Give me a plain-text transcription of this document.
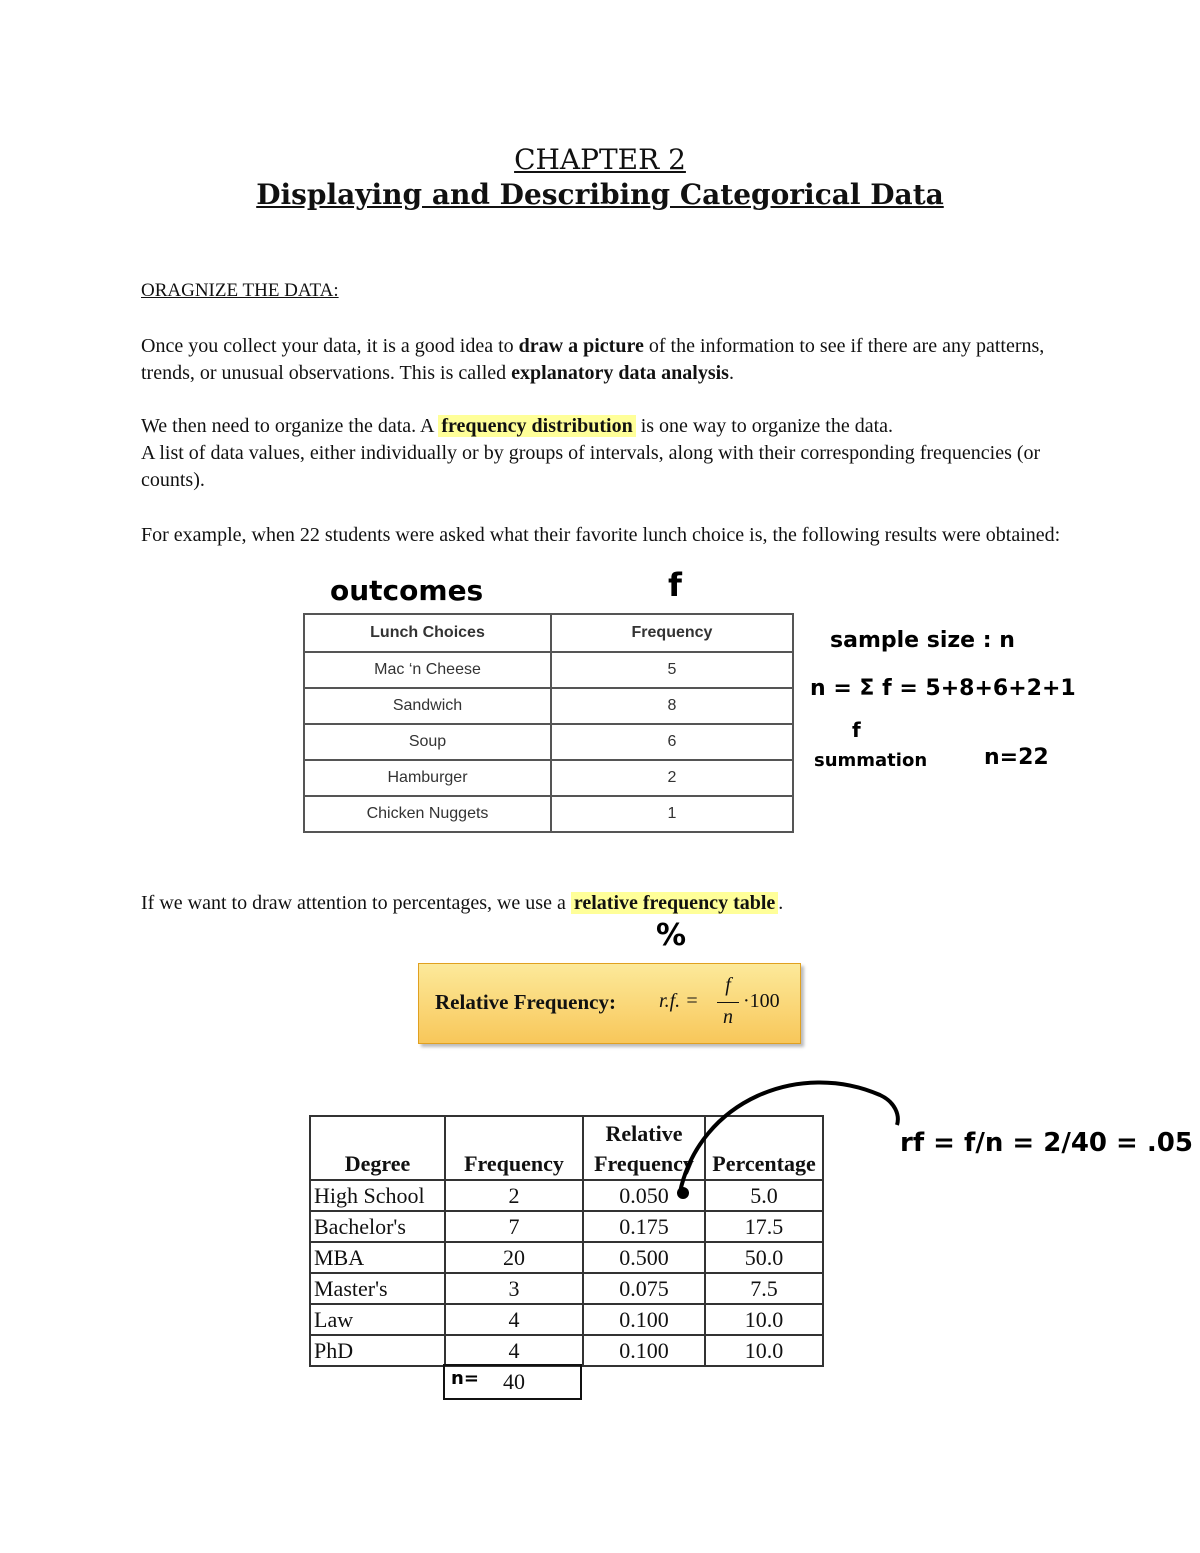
CHAPTER 2
Displaying and Describing Categorical Data
ORAGNIZE THE DATA:
Once you collect your data, it is a good idea to draw a picture of the information to see if there are any patterns, trends, or unusual observations. This is called explanatory data analysis.
We then need to organize the data. A frequency distribution is one way to organize the data.
A list of data values, either individually or by groups of intervals, along with their corresponding frequencies (or counts).
For example, when 22 students were asked what their favorite lunch choice is, the following results were obtained:
Lunch Choices	Frequency
Mac ‘n Cheese	5
Sandwich	8
Soup	6
Hamburger	2
Chicken Nuggets	1
If we want to draw attention to percentages, we use a relative frequency table .
Relative Frequency: r.f. =
f
n
·100
Degree	Frequency	Relative Frequency	Percentage
High School	2	0.050	5.0
Bachelor's	7	0.175	17.5
MBA	20	0.500	50.0
Master's	3	0.075	7.5
Law	4	0.100	10.0
PhD	4	0.100	10.0
n= 40
outcomes	f
sample size : n
n = Σ f = 5+8+6+2+1
f
summation	n=22
%
rf = f/n = 2/40 = .05
